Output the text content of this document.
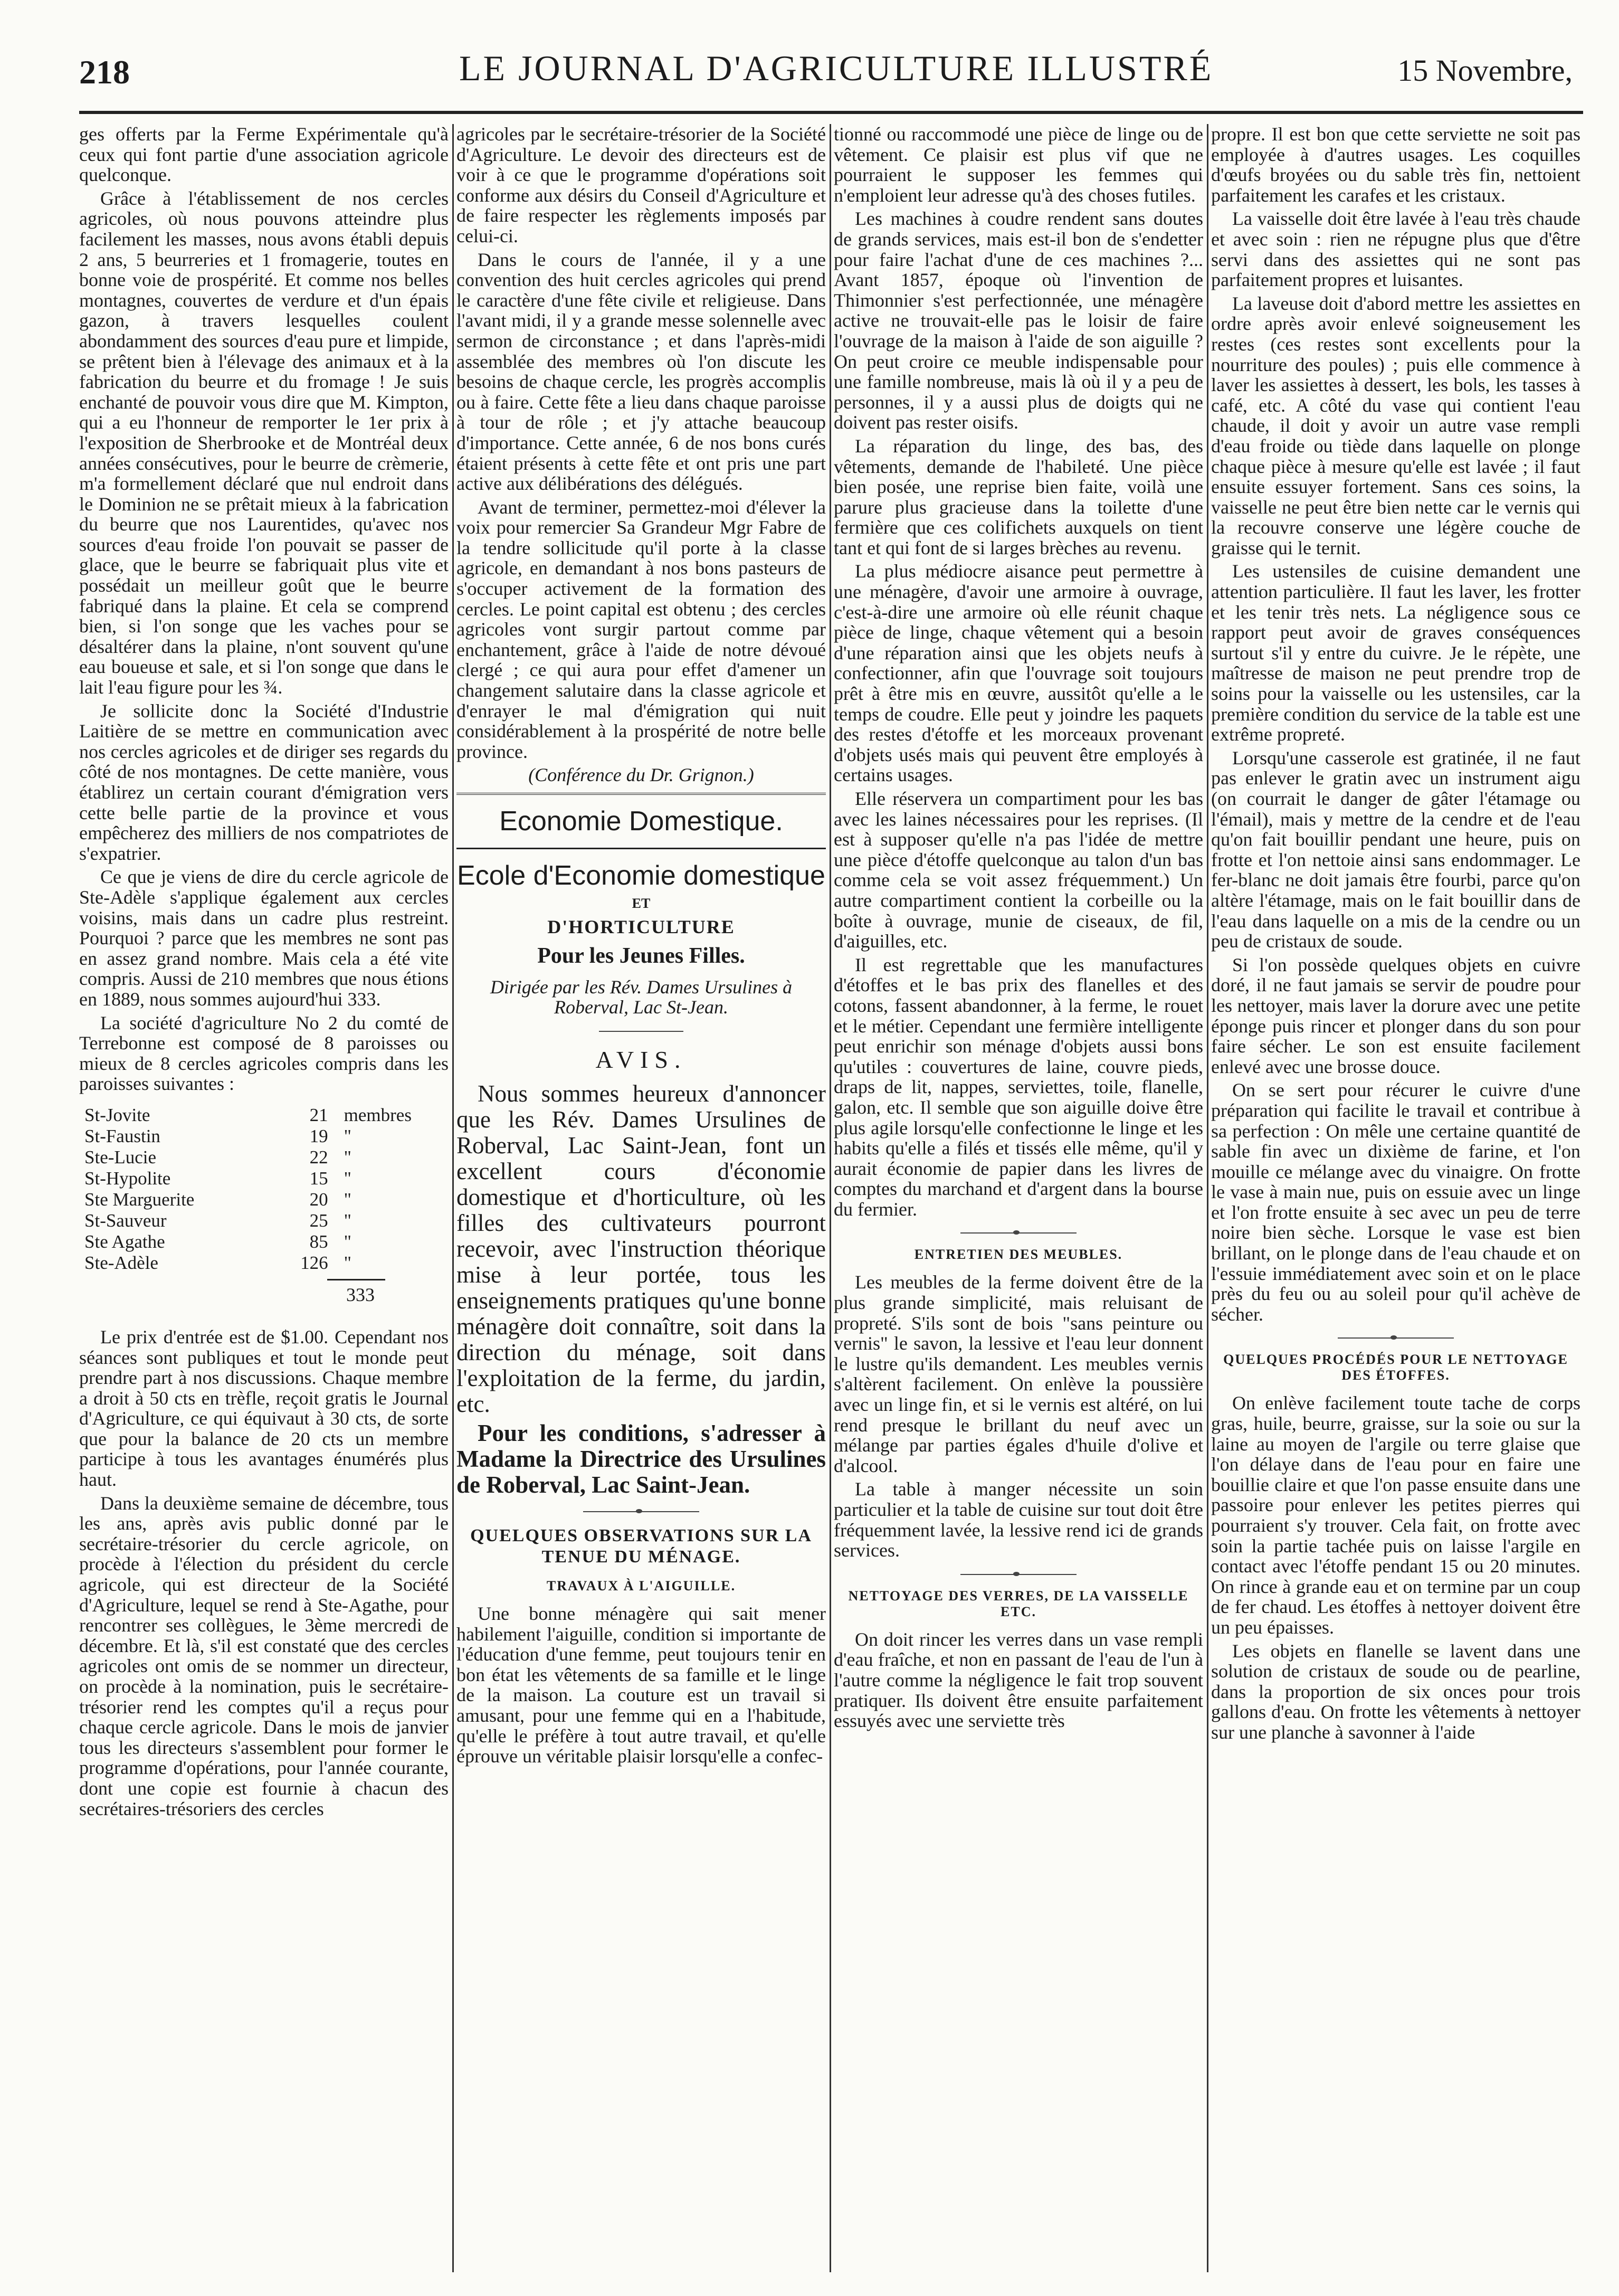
218	LE JOURNAL D'AGRICULTURE ILLUSTRÉ	15 Novembre,

ges offerts par la Ferme Expérimentale qu'à ceux qui font partie d'une association agricole quelconque.

Grâce à l'établissement de nos cercles agricoles, où nous pouvons atteindre plus facilement les masses, nous avons établi depuis 2 ans, 5 beurreries et 1 fromagerie, toutes en bonne voie de prospérité. Et comme nos belles montagnes, couvertes de verdure et d'un épais gazon, à travers lesquelles coulent abondamment des sources d'eau pure et limpide, se prêtent bien à l'élevage des animaux et à la fabrication du beurre et du fromage ! Je suis enchanté de pouvoir vous dire que M. Kimpton, qui a eu l'honneur de remporter le 1er prix à l'exposition de Sherbrooke et de Montréal deux années consécutives, pour le beurre de crèmerie, m'a formellement déclaré que nul endroit dans le Dominion ne se prêtait mieux à la fabrication du beurre que nos Laurentides, qu'avec nos sources d'eau froide l'on pouvait se passer de glace, que le beurre se fabriquait plus vite et possédait un meilleur goût que le beurre fabriqué dans la plaine. Et cela se comprend bien, si l'on songe que les vaches pour se désaltérer dans la plaine, n'ont souvent qu'une eau boueuse et sale, et si l'on songe que dans le lait l'eau figure pour les ¾.

Je sollicite donc la Société d'Industrie Laitière de se mettre en communication avec nos cercles agricoles et de diriger ses regards du côté de nos montagnes. De cette manière, vous établirez un certain courant d'émigration vers cette belle partie de la province et vous empêcherez des milliers de nos compatriotes de s'expatrier.

Ce que je viens de dire du cercle agricole de Ste-Adèle s'applique également aux cercles voisins, mais dans un cadre plus restreint. Pourquoi ? parce que les membres ne sont pas en assez grand nombre. Mais cela a été vite compris. Aussi de 210 membres que nous étions en 1889, nous sommes aujourd'hui 333.

La société d'agriculture No 2 du comté de Terrebonne est composé de 8 paroisses ou mieux de 8 cercles agricoles compris dans les paroisses suivantes :

St-Jovite	21	membres
St-Faustin	19	"
Ste-Lucie	22	"
St-Hypolite	15	"
Ste Marguerite	20	"
St-Sauveur	25	"
Ste Agathe	85	"
Ste-Adèle	126	"
333

Le prix d'entrée est de $1.00. Cependant nos séances sont publiques et tout le monde peut prendre part à nos discussions. Chaque membre a droit à 50 cts en trèfle, reçoit gratis le Journal d'Agriculture, ce qui équivaut à 30 cts, de sorte que pour la balance de 20 cts un membre participe à tous les avantages énumérés plus haut.

Dans la deuxième semaine de décembre, tous les ans, après avis public donné par le secrétaire-trésorier du cercle agricole, on procède à l'élection du président du cercle agricole, qui est directeur de la Société d'Agriculture, lequel se rend à Ste-Agathe, pour rencontrer ses collègues, le 3ème mercredi de décembre. Et là, s'il est constaté que des cercles agricoles ont omis de se nommer un directeur, on procède à la nomination, puis le secrétaire-trésorier rend les comptes qu'il a reçus pour chaque cercle agricole. Dans le mois de janvier tous les directeurs s'assemblent pour former le programme d'opérations, pour l'année courante, dont une copie est fournie à chacun des secrétaires-trésoriers des cercles

agricoles par le secrétaire-trésorier de la Société d'Agriculture. Le devoir des directeurs est de voir à ce que le programme d'opérations soit conforme aux désirs du Conseil d'Agriculture et de faire respecter les règlements imposés par celui-ci.

Dans le cours de l'année, il y a une convention des huit cercles agricoles qui prend le caractère d'une fête civile et religieuse. Dans l'avant midi, il y a grande messe solennelle avec sermon de circonstance ; et dans l'après-midi assemblée des membres où l'on discute les besoins de chaque cercle, les progrès accomplis ou à faire. Cette fête a lieu dans chaque paroisse à tour de rôle ; et j'y attache beaucoup d'importance. Cette année, 6 de nos bons curés étaient présents à cette fête et ont pris une part active aux délibérations des délégués.

Avant de terminer, permettez-moi d'élever la voix pour remercier Sa Grandeur Mgr Fabre de la tendre sollicitude qu'il porte à la classe agricole, en demandant à nos bons pasteurs de s'occuper activement de la formation des cercles. Le point capital est obtenu ; des cercles agricoles vont surgir partout comme par enchantement, grâce à l'aide de notre dévoué clergé ; ce qui aura pour effet d'amener un changement salutaire dans la classe agricole et d'enrayer le mal d'émigration qui nuit considérablement à la prospérité de notre belle province.

(Conférence du Dr. Grignon.)

Economie Domestique.
Ecole d'Economie domestique
ET
D'HORTICULTURE
Pour les Jeunes Filles.
Dirigée par les Rév. Dames Ursulines à Roberval, Lac St-Jean.
AVIS.

Nous sommes heureux d'annoncer que les Rév. Dames Ursulines de Roberval, Lac Saint-Jean, font un excellent cours d'économie domestique et d'horticulture, où les filles des cultivateurs pourront recevoir, avec l'instruction théorique mise à leur portée, tous les enseignements pratiques qu'une bonne ménagère doit connaître, soit dans la direction du ménage, soit dans l'exploitation de la ferme, du jardin, etc.

Pour les conditions, s'adresser à Madame la Directrice des Ursulines de Roberval, Lac Saint-Jean.

QUELQUES OBSERVATIONS SUR LA TENUE DU MÉNAGE.
TRAVAUX À L'AIGUILLE.

Une bonne ménagère qui sait mener habilement l'aiguille, condition si importante de l'éducation d'une femme, peut toujours tenir en bon état les vêtements de sa famille et le linge de la maison. La couture est un travail si amusant, pour une femme qui en a l'habitude, qu'elle le préfère à tout autre travail, et qu'elle éprouve un véritable plaisir lorsqu'elle a confec-

tionné ou raccommodé une pièce de linge ou de vêtement. Ce plaisir est plus vif que ne pourraient le supposer les femmes qui n'emploient leur adresse qu'à des choses futiles.

Les machines à coudre rendent sans doutes de grands services, mais est-il bon de s'endetter pour faire l'achat d'une de ces machines ?... Avant 1857, époque où l'invention de Thimonnier s'est perfectionnée, une ménagère active ne trouvait-elle pas le loisir de faire l'ouvrage de la maison à l'aide de son aiguille ? On peut croire ce meuble indispensable pour une famille nombreuse, mais là où il y a peu de personnes, il y a aussi plus de doigts qui ne doivent pas rester oisifs.

La réparation du linge, des bas, des vêtements, demande de l'habileté. Une pièce bien posée, une reprise bien faite, voilà une parure plus gracieuse dans la toilette d'une fermière que ces colifichets auxquels on tient tant et qui font de si larges brèches au revenu.

La plus médiocre aisance peut permettre à une ménagère, d'avoir une armoire à ouvrage, c'est-à-dire une armoire où elle réunit chaque pièce de linge, chaque vêtement qui a besoin d'une réparation ainsi que les objets neufs à confectionner, afin que l'ouvrage soit toujours prêt à être mis en œuvre, aussitôt qu'elle a le temps de coudre. Elle peut y joindre les paquets des restes d'étoffe et les morceaux provenant d'objets usés mais qui peuvent être employés à certains usages.

Elle réservera un compartiment pour les bas avec les laines nécessaires pour les reprises. (Il est à supposer qu'elle n'a pas l'idée de mettre une pièce d'étoffe quelconque au talon d'un bas comme cela se voit assez fréquemment.) Un autre compartiment contient la corbeille ou la boîte à ouvrage, munie de ciseaux, de fil, d'aiguilles, etc.

Il est regrettable que les manufactures d'étoffes et le bas prix des flanelles et des cotons, fassent abandonner, à la ferme, le rouet et le métier. Cependant une fermière intelligente peut enrichir son ménage d'objets aussi bons qu'utiles : couvertures de laine, couvre pieds, draps de lit, nappes, serviettes, toile, flanelle, galon, etc. Il semble que son aiguille doive être plus agile lorsqu'elle confectionne le linge et les habits qu'elle a filés et tissés elle même, qu'il y aurait économie de papier dans les livres de comptes du marchand et d'argent dans la bourse du fermier.

ENTRETIEN DES MEUBLES.

Les meubles de la ferme doivent être de la plus grande simplicité, mais reluisant de propreté. S'ils sont de bois "sans peinture ou vernis" le savon, la lessive et l'eau leur donnent le lustre qu'ils demandent. Les meubles vernis s'altèrent facilement. On enlève la poussière avec un linge fin, et si le vernis est altéré, on lui rend presque le brillant du neuf avec un mélange par parties égales d'huile d'olive et d'alcool.

La table à manger nécessite un soin particulier et la table de cuisine sur tout doit être fréquemment lavée, la lessive rend ici de grands services.

NETTOYAGE DES VERRES, DE LA VAISSELLE ETC.

On doit rincer les verres dans un vase rempli d'eau fraîche, et non en passant de l'eau de l'un à l'autre comme la négligence le fait trop souvent pratiquer. Ils doivent être ensuite parfaitement essuyés avec une serviette très

propre. Il est bon que cette serviette ne soit pas employée à d'autres usages. Les coquilles d'œufs broyées ou du sable très fin, nettoient parfaitement les carafes et les cristaux.

La vaisselle doit être lavée à l'eau très chaude et avec soin : rien ne répugne plus que d'être servi dans des assiettes qui ne sont pas parfaitement propres et luisantes.

La laveuse doit d'abord mettre les assiettes en ordre après avoir enlevé soigneusement les restes (ces restes sont excellents pour la nourriture des poules) ; puis elle commence à laver les assiettes à dessert, les bols, les tasses à café, etc. A côté du vase qui contient l'eau chaude, il doit y avoir un autre vase rempli d'eau froide ou tiède dans laquelle on plonge chaque pièce à mesure qu'elle est lavée ; il faut ensuite essuyer fortement. Sans ces soins, la vaisselle ne peut être bien nette car le vernis qui la recouvre conserve une légère couche de graisse qui le ternit.

Les ustensiles de cuisine demandent une attention particulière. Il faut les laver, les frotter et les tenir très nets. La négligence sous ce rapport peut avoir de graves conséquences surtout s'il y entre du cuivre. Je le répète, une maîtresse de maison ne peut prendre trop de soins pour la vaisselle ou les ustensiles, car la première condition du service de la table est une extrême propreté.

Lorsqu'une casserole est gratinée, il ne faut pas enlever le gratin avec un instrument aigu (on courrait le danger de gâter l'étamage ou l'émail), mais y mettre de la cendre et de l'eau qu'on fait bouillir pendant une heure, puis on frotte et l'on nettoie ainsi sans endommager. Le fer-blanc ne doit jamais être fourbi, parce qu'on altère l'étamage, mais on le fait bouillir dans de l'eau dans laquelle on a mis de la cendre ou un peu de cristaux de soude.

Si l'on possède quelques objets en cuivre doré, il ne faut jamais se servir de poudre pour les nettoyer, mais laver la dorure avec une petite éponge puis rincer et plonger dans du son pour faire sécher. Le son est ensuite facilement enlevé avec une brosse douce.

On se sert pour récurer le cuivre d'une préparation qui facilite le travail et contribue à sa perfection : On mêle une certaine quantité de sable fin avec un dixième de farine, et l'on mouille ce mélange avec du vinaigre. On frotte le vase à main nue, puis on essuie avec un linge et l'on frotte ensuite à sec avec un peu de terre noire bien sèche. Lorsque le vase est bien brillant, on le plonge dans de l'eau chaude et on l'essuie immédiatement avec soin et on le place près du feu ou au soleil pour qu'il achève de sécher.

QUELQUES PROCÉDÉS POUR LE NETTOYAGE DES ÉTOFFES.

On enlève facilement toute tache de corps gras, huile, beurre, graisse, sur la soie ou sur la laine au moyen de l'argile ou terre glaise que l'on délaye dans de l'eau pour en faire une bouillie claire et que l'on passe ensuite dans une passoire pour enlever les petites pierres qui pourraient s'y trouver. Cela fait, on frotte avec soin la partie tachée puis on laisse l'argile en contact avec l'étoffe pendant 15 ou 20 minutes. On rince à grande eau et on termine par un coup de fer chaud. Les étoffes à nettoyer doivent être un peu épaisses.

Les objets en flanelle se lavent dans une solution de cristaux de soude ou de pearline, dans la proportion de six onces pour trois gallons d'eau. On frotte les vêtements à nettoyer sur une planche à savonner à l'aide
